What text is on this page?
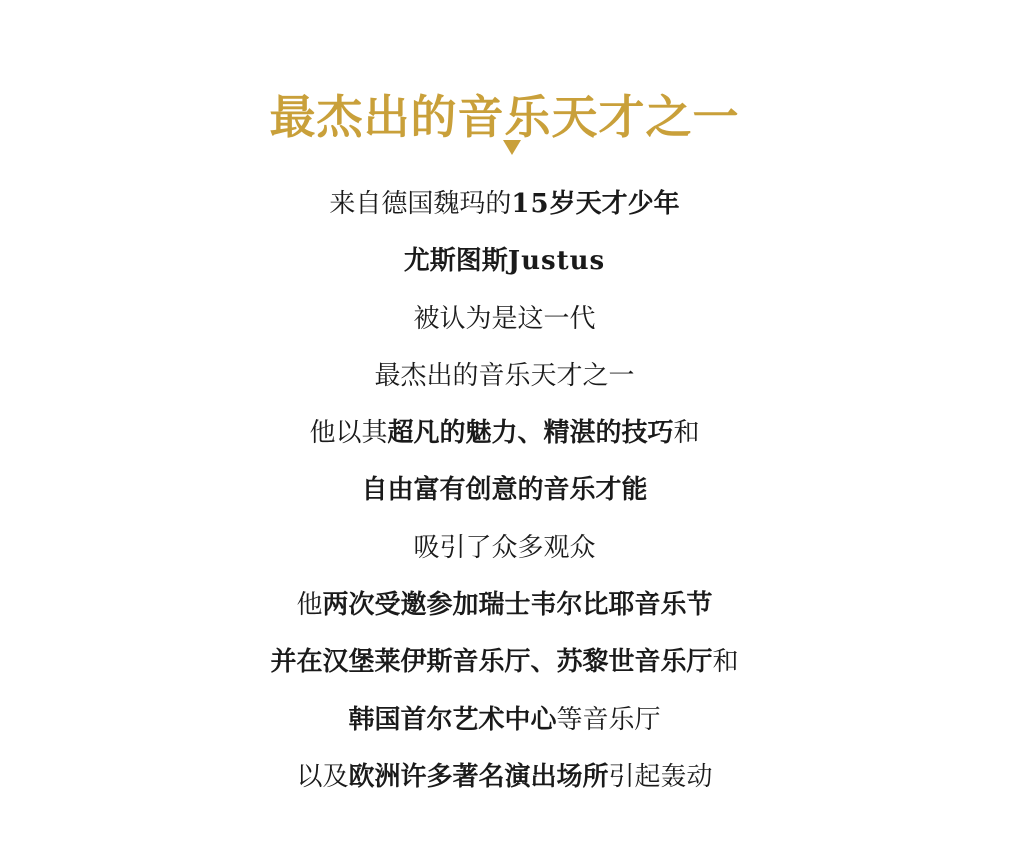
最杰出的音乐天才之一
来自德国魏玛的15岁天才少年
尤斯图斯Justus
被认为是这一代
最杰出的音乐天才之一
他以其超凡的魅力、精湛的技巧和
自由富有创意的音乐才能
吸引了众多观众
他两次受邀参加瑞士韦尔比耶音乐节
并在汉堡莱伊斯音乐厅、苏黎世音乐厅和
韩国首尔艺术中心等音乐厅
以及欧洲许多著名演出场所引起轰动
